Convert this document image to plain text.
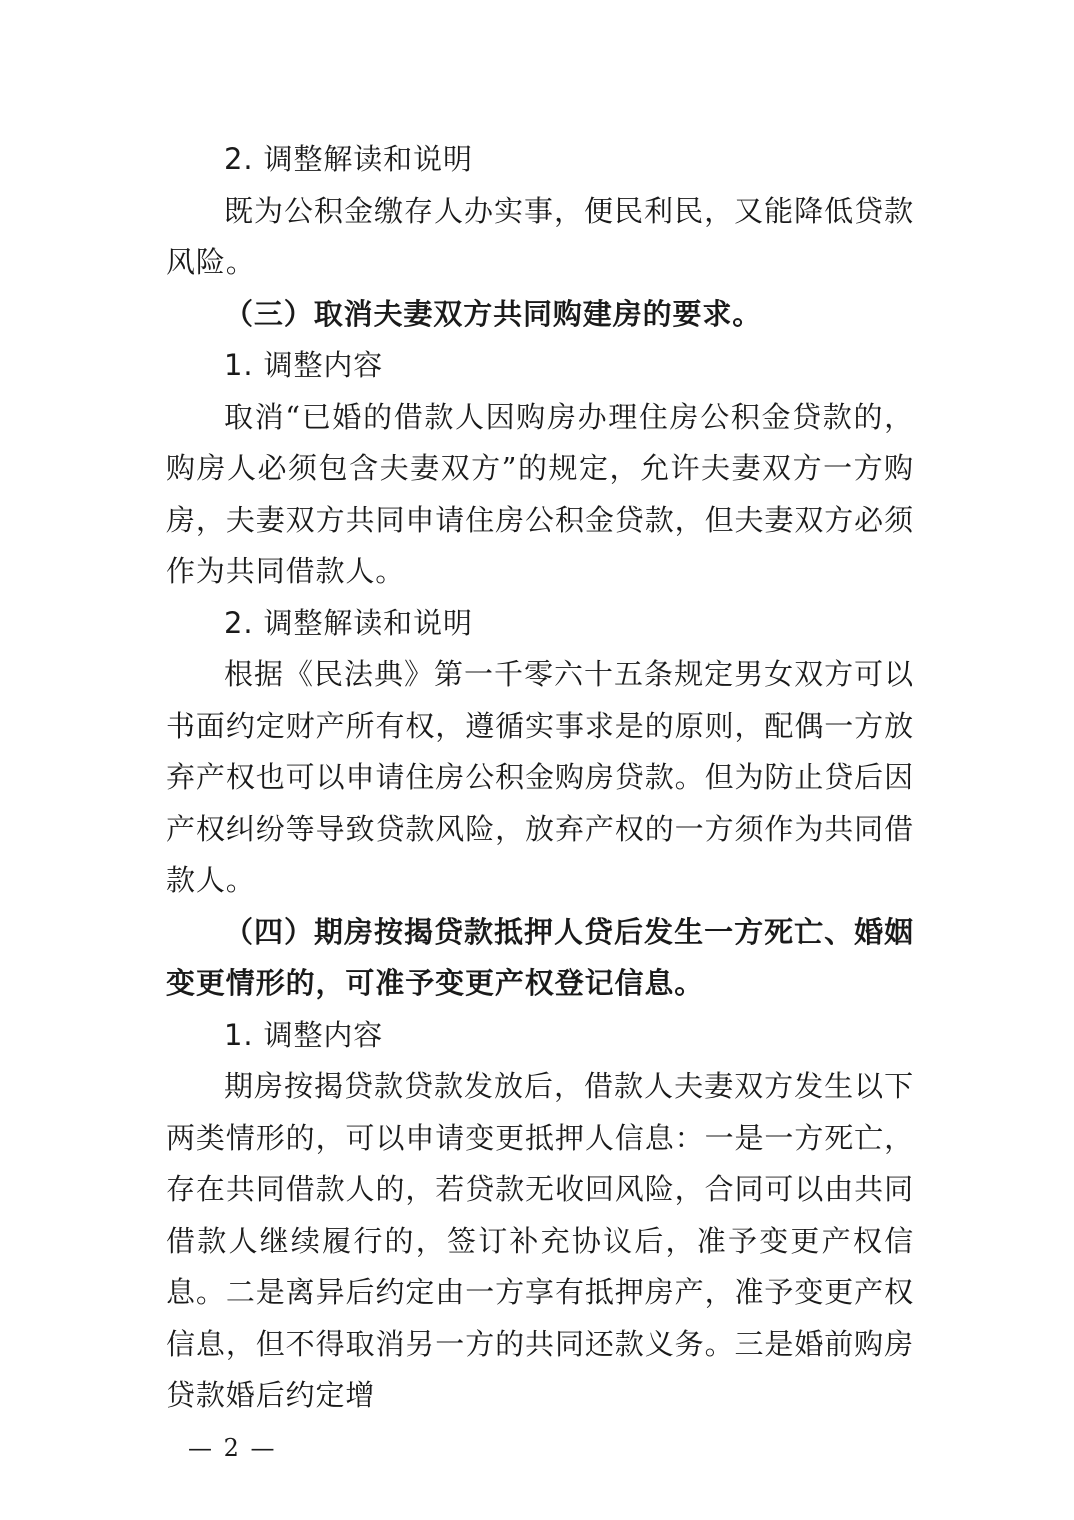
2. 调整解读和说明

既为公积金缴存人办实事，便民利民，又能降低贷款风险。

（三）取消夫妻双方共同购建房的要求。

1. 调整内容

取消“已婚的借款人因购房办理住房公积金贷款的，购房人必须包含夫妻双方”的规定，允许夫妻双方一方购房，夫妻双方共同申请住房公积金贷款，但夫妻双方必须作为共同借款人。

2. 调整解读和说明

根据《民法典》第一千零六十五条规定男女双方可以书面约定财产所有权，遵循实事求是的原则，配偶一方放弃产权也可以申请住房公积金购房贷款。但为防止贷后因产权纠纷等导致贷款风险，放弃产权的一方须作为共同借款人。

（四）期房按揭贷款抵押人贷后发生一方死亡、婚姻变更情形的，可准予变更产权登记信息。

1. 调整内容

期房按揭贷款贷款发放后，借款人夫妻双方发生以下两类情形的，可以申请变更抵押人信息：一是一方死亡，存在共同借款人的，若贷款无收回风险，合同可以由共同借款人继续履行的，签订补充协议后，准予变更产权信息。二是离异后约定由一方享有抵押房产，准予变更产权信息，但不得取消另一方的共同还款义务。三是婚前购房贷款婚后约定增

— 2 —
